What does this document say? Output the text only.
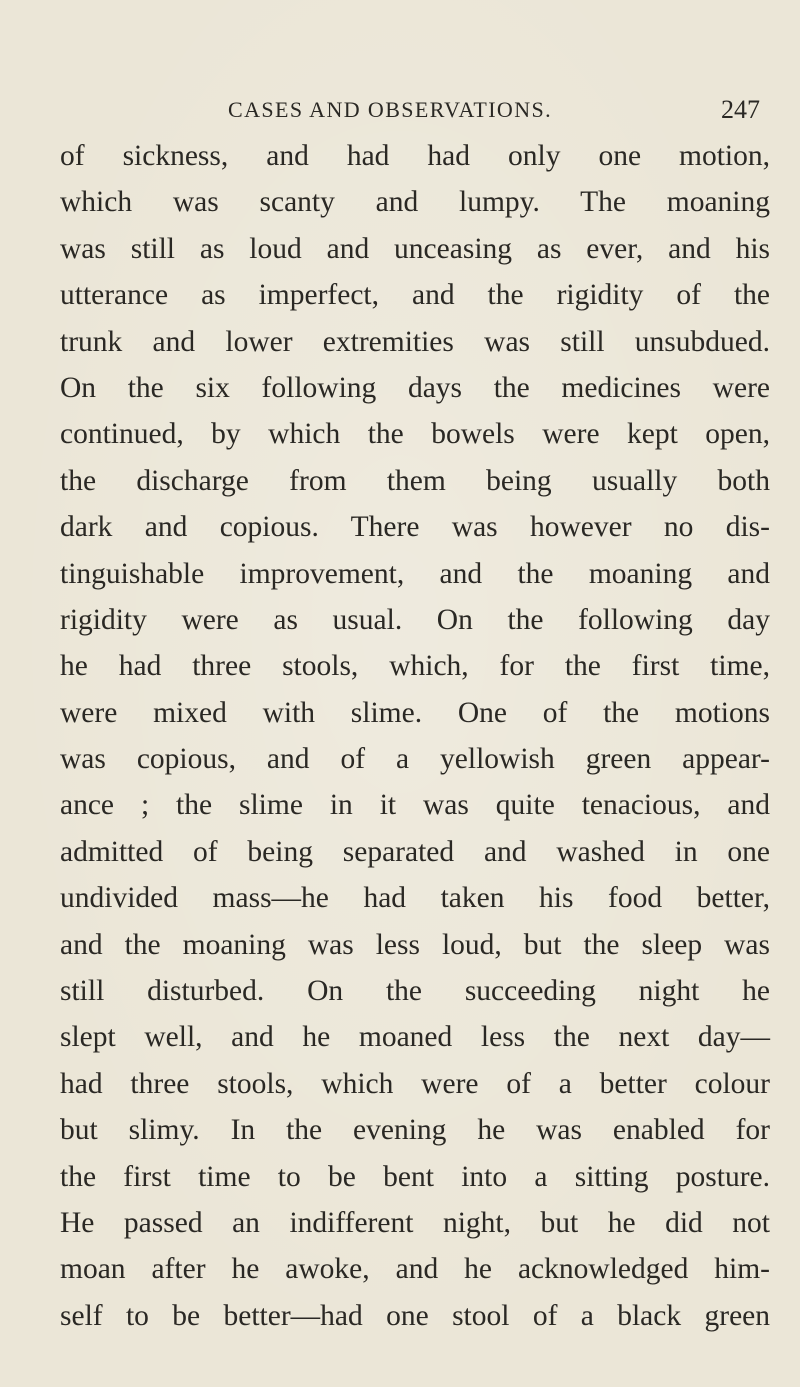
CASES AND OBSERVATIONS.	247
of sickness, and had had only one motion,
which was scanty and lumpy. The moaning
was still as loud and unceasing as ever, and his
utterance as imperfect, and the rigidity of the
trunk and lower extremities was still unsubdued.
On the six following days the medicines were
continued, by which the bowels were kept open,
the discharge from them being usually both
dark and copious. There was however no dis-
tinguishable improvement, and the moaning and
rigidity were as usual. On the following day
he had three stools, which, for the first time,
were mixed with slime. One of the motions
was copious, and of a yellowish green appear-
ance ; the slime in it was quite tenacious, and
admitted of being separated and washed in one
undivided mass—he had taken his food better,
and the moaning was less loud, but the sleep was
still disturbed. On the succeeding night he
slept well, and he moaned less the next day—
had three stools, which were of a better colour
but slimy. In the evening he was enabled for
the first time to be bent into a sitting posture.
He passed an indifferent night, but he did not
moan after he awoke, and he acknowledged him-
self to be better—had one stool of a black green
